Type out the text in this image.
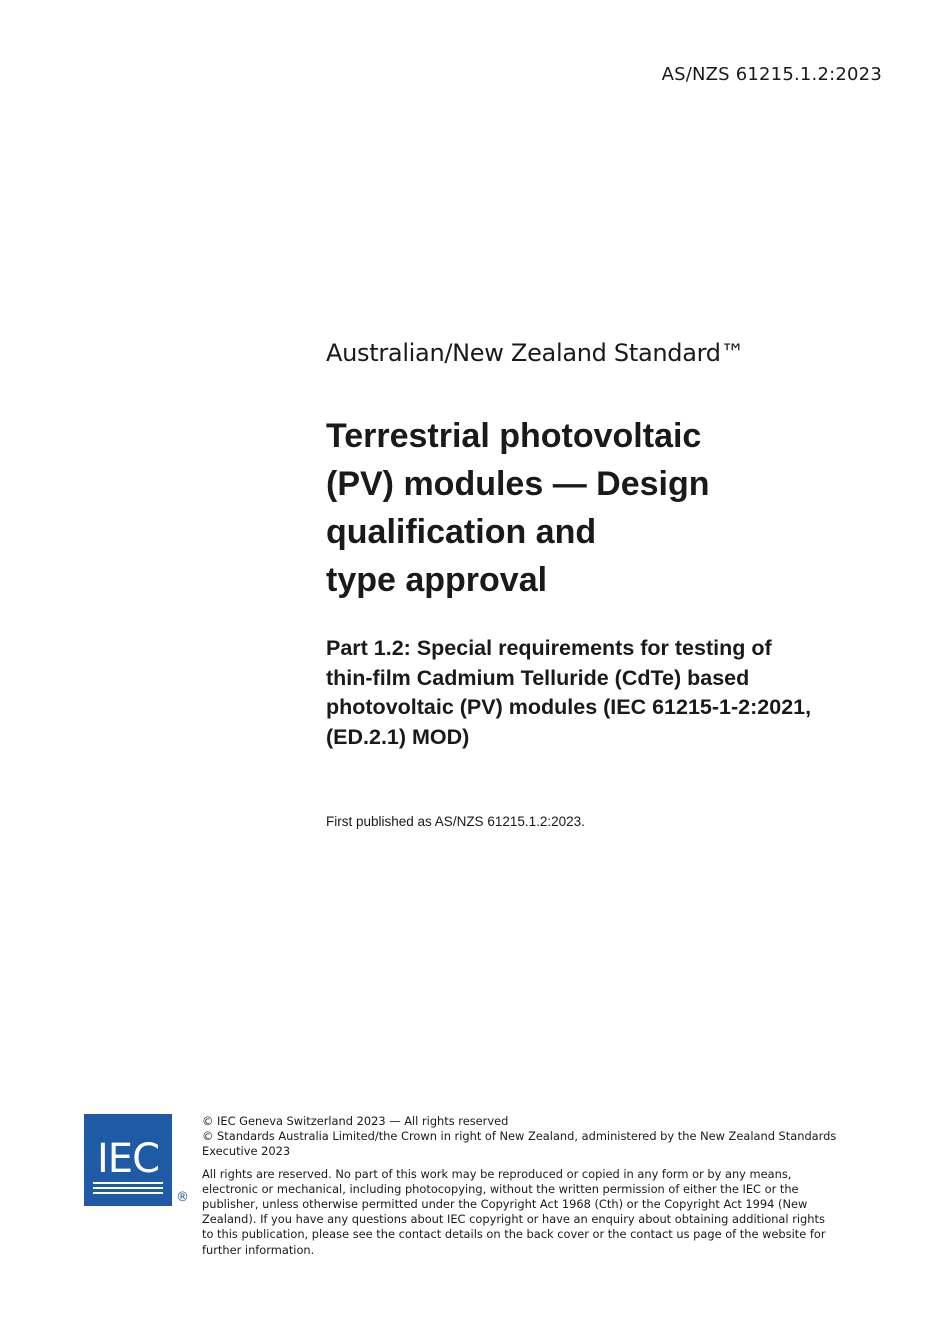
AS/NZS 61215.1.2:2023

Australian/New Zealand Standard™

Terrestrial photovoltaic
(PV) modules — Design
qualification and
type approval
Part 1.2: Special requirements for testing of
thin-film Cadmium Telluride (CdTe) based
photovoltaic (PV) modules (IEC 61215-1-2:2021,
(ED.2.1) MOD)

First published as AS/NZS 61215.1.2:2023.

IEC
®

© IEC Geneva Switzerland 2023 — All rights reserved

© Standards Australia Limited/the Crown in right of New Zealand, administered by the New Zealand Standards
Executive 2023

All rights are reserved. No part of this work may be reproduced or copied in any form or by any means,
electronic or mechanical, including photocopying, without the written permission of either the IEC or the
publisher, unless otherwise permitted under the Copyright Act 1968 (Cth) or the Copyright Act 1994 (New
Zealand). If you have any questions about IEC copyright or have an enquiry about obtaining additional rights
to this publication, please see the contact details on the back cover or the contact us page of the website for
further information.
